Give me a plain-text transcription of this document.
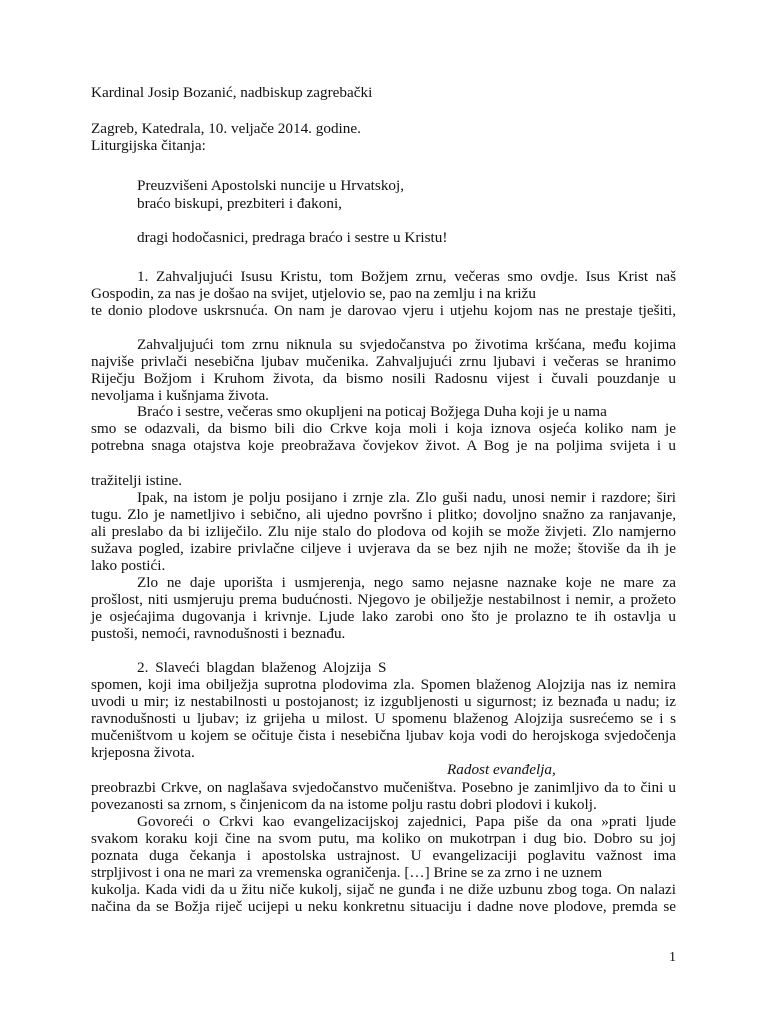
Kardinal Josip Bozanić, nadbiskup zagrebački

Zagreb, Katedrala, 10. veljače 2014. godine.

Liturgijska čitanja:

Preuzvišeni Apostolski nuncije u Hrvatskoj,

braćo biskupi, prezbiteri i đakoni,

dragi hodočasnici, predraga braćo i sestre u Kristu!

1. Zahvaljujući Isusu Kristu, tom Božjem zrnu, večeras smo ovdje. Isus Krist naš

Gospodin, za nas je došao na svijet, utjelovio se, pao na zemlju i na križu

te donio plodove uskrsnuća. On nam je darovao vjeru i utjehu kojom nas ne prestaje tješiti,

Zahvaljujući tom zrnu niknula su svjedočanstva po životima kršćana, među kojima

najviše privlači nesebična ljubav mučenika. Zahvaljujući zrnu ljubavi i večeras se hranimo

Riječju Božjom i Kruhom života, da bismo nosili Radosnu vijest i čuvali pouzdanje u

nevoljama i kušnjama života.

Braćo i sestre, večeras smo okupljeni na poticaj Božjega Duha koji je u nama

smo se odazvali, da bismo bili dio Crkve koja moli i koja iznova osjeća koliko nam je

potrebna snaga otajstva koje preobražava čovjekov život. A Bog je na poljima svijeta i u

tražitelji istine.

Ipak, na istom je polju posijano i zrnje zla. Zlo guši nadu, unosi nemir i razdore; širi

tugu. Zlo je nametljivo i sebično, ali ujedno površno i plitko; dovoljno snažno za ranjavanje,

ali preslabo da bi izliječilo. Zlu nije stalo do plodova od kojih se može živjeti. Zlo namjerno

sužava pogled, izabire privlačne ciljeve i uvjerava da se bez njih ne može; štoviše da ih je

lako postići.

Zlo ne daje uporišta i usmjerenja, nego samo nejasne naznake koje ne mare za

prošlost, niti usmjeruju prema budućnosti. Njegovo je obilježje nestabilnost i nemir, a prožeto

je osjećajima dugovanja i krivnje. Ljude lako zarobi ono što je prolazno te ih ostavlja u

pustoši, nemoći, ravnodušnosti i beznađu.

2. Slaveći blagdan blaženog Alojzija S

spomen, koji ima obilježja suprotna plodovima zla. Spomen blaženog Alojzija nas iz nemira

uvodi u mir; iz nestabilnosti u postojanost; iz izgubljenosti u sigurnost; iz beznađa u nadu; iz

ravnodušnosti u ljubav; iz grijeha u milost. U spomenu blaženog Alojzija susrećemo se i s

mučeništvom u kojem se očituje čista i nesebična ljubav koja vodi do herojskoga svjedočenja

krjeposna života.

Radost evanđelja,

preobrazbi Crkve, on naglašava svjedočanstvo mučeništva. Posebno je zanimljivo da to čini u

povezanosti sa zrnom, s činjenicom da na istome polju rastu dobri plodovi i kukolj.

Govoreći o Crkvi kao evangelizacijskoj zajednici, Papa piše da ona »prati ljude

svakom koraku koji čine na svom putu, ma koliko on mukotrpan i dug bio. Dobro su joj

poznata duga čekanja i apostolska ustrajnost. U evangelizaciji poglavitu važnost ima

strpljivost i ona ne mari za vremenska ograničenja. […] Brine se za zrno i ne uznem

kukolja. Kada vidi da u žitu niče kukolj, sijač ne gunđa i ne diže uzbunu zbog toga. On nalazi

načina da se Božja riječ ucijepi u neku konkretnu situaciju i dadne nove plodove, premda se

1
